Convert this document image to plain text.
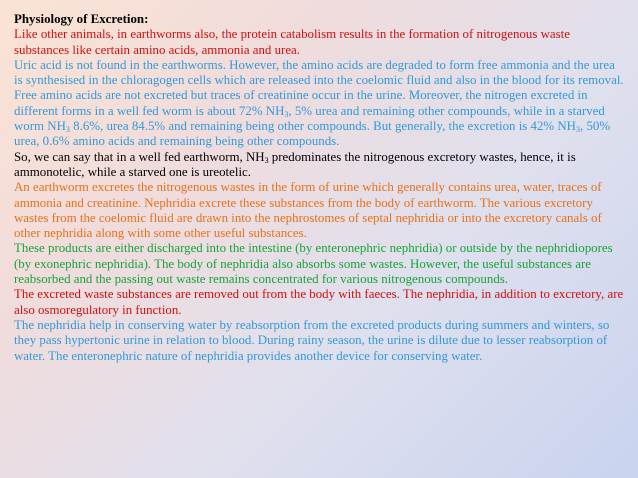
Physiology of Excretion:

Like other animals, in earthworms also, the protein catabolism results in the formation of nitrogenous waste substances like certain amino acids, ammonia and urea.

Uric acid is not found in the earthworms. However, the amino acids are degraded to form free ammonia and the urea is synthesised in the chloragogen cells which are released into the coelomic fluid and also in the blood for its removal. Free amino acids are not excreted but traces of creatinine occur in the urine. Moreover, the nitrogen excreted in different forms in a well fed worm is about 72% $NH_3$, 5% urea and remaining other compounds, while in a starved worm $NH_3$ 8.6%, urea 84.5% and remaining being other compounds. But generally, the excretion is 42% $NH_3$, 50% urea, 0.6% amino acids and remaining being other compounds.

So, we can say that in a well fed earthworm, $NH_3$ predominates the nitrogenous excretory wastes, hence, it is ammonotelic, while a starved one is ureotelic.

An earthworm excretes the nitrogenous wastes in the form of urine which generally contains urea, water, traces of ammonia and creatinine. Nephridia excrete these substances from the body of earthworm. The various excretory wastes from the coelomic fluid are drawn into the nephrostomes of septal nephridia or into the excretory canals of other nephridia along with some other useful substances.

These products are either discharged into the intestine (by enteronephric nephridia) or outside by the nephridiopores (by exonephric nephridia). The body of nephridia also absorbs some wastes. However, the useful substances are reabsorbed and the passing out waste remains concentrated for various nitrogenous compounds.

The excreted waste substances are removed out from the body with faeces. The nephridia, in addition to excretory, are also osmoregulatory in function.

The nephridia help in conserving water by reabsorption from the excreted products during summers and winters, so they pass hypertonic urine in relation to blood. During rainy season, the urine is dilute due to lesser reabsorption of water. The enteronephric nature of nephridia provides another device for conserving water.
